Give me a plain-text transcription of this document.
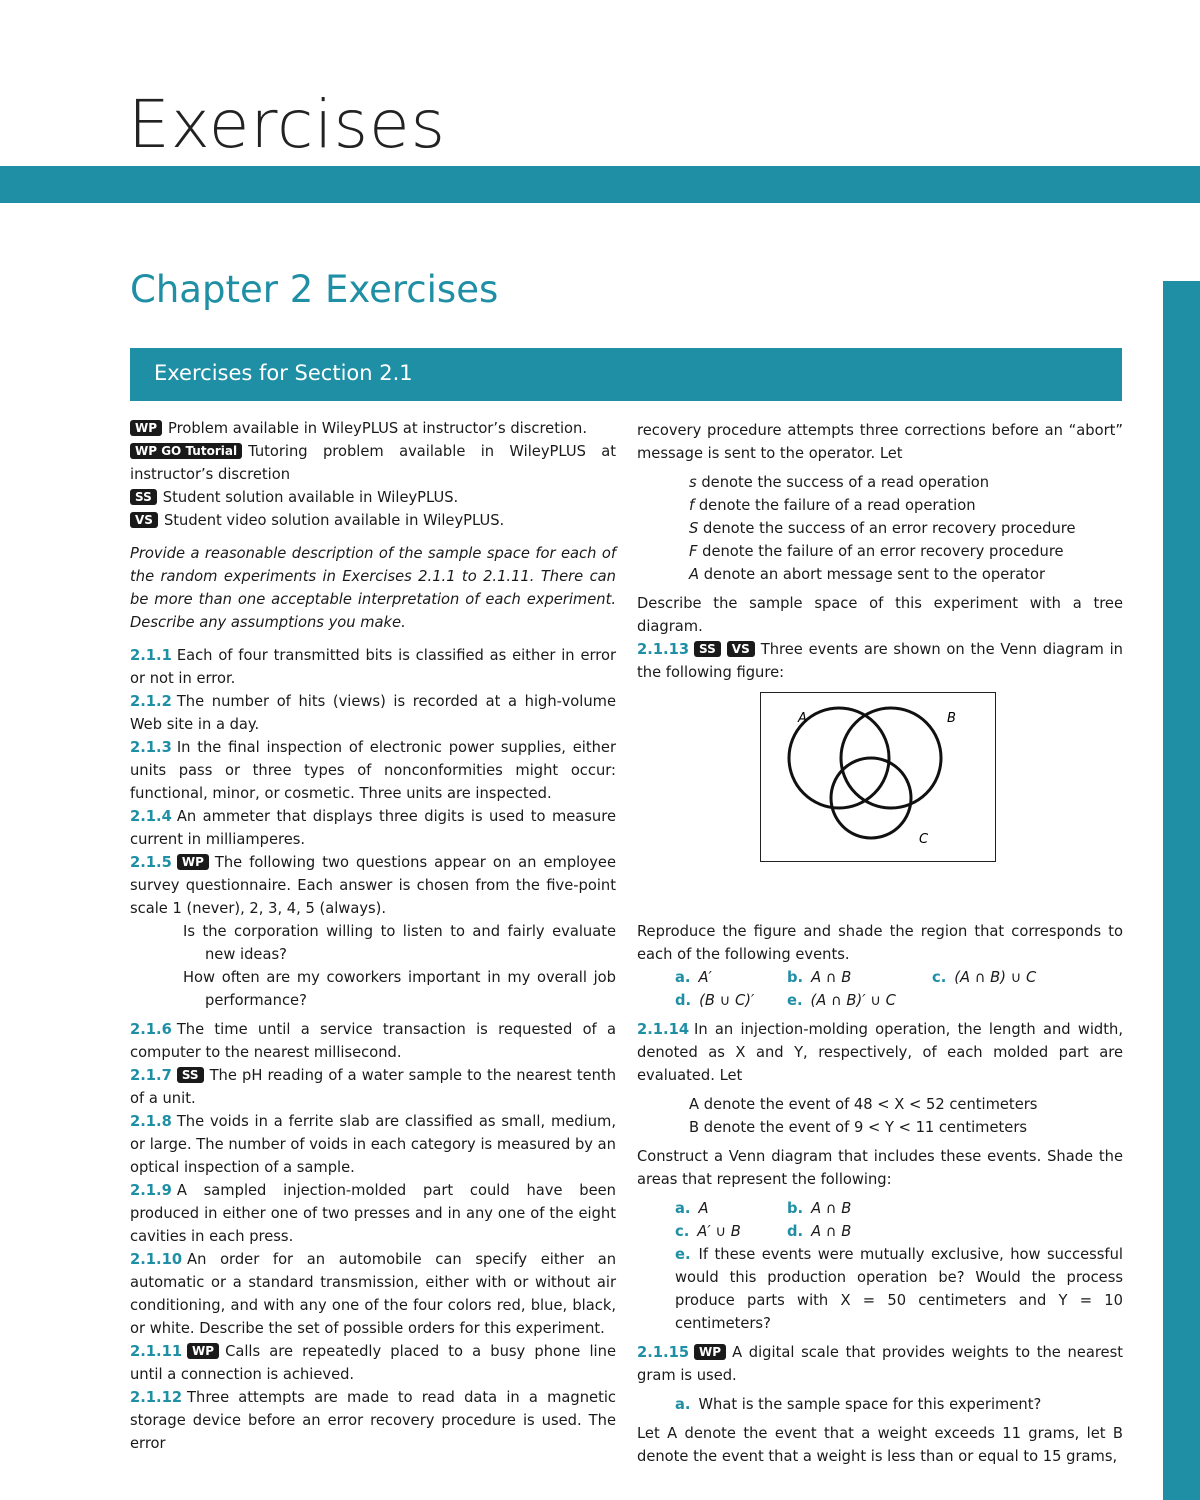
Exercises
Chapter 2 Exercises
Exercises for Section 2.1

WP Problem available in WileyPLUS at instructor’s discretion.

WP GO Tutorial Tutoring problem available in WileyPLUS at instructor’s discretion

SS Student solution available in WileyPLUS.

VS Student video solution available in WileyPLUS.

Provide a reasonable description of the sample space for each of the random experiments in Exercises 2.1.1 to 2.1.11. There can be more than one acceptable interpretation of each experiment. Describe any assumptions you make.

2.1.1 Each of four transmitted bits is classified as either in error or not in error.

2.1.2 The number of hits (views) is recorded at a high-volume Web site in a day.

2.1.3 In the final inspection of electronic power supplies, either units pass or three types of nonconformities might occur: functional, minor, or cosmetic. Three units are inspected.

2.1.4 An ammeter that displays three digits is used to measure current in milliamperes.

2.1.5 WP The following two questions appear on an employee survey questionnaire. Each answer is chosen from the five-point scale 1 (never), 2, 3, 4, 5 (always).

Is the corporation willing to listen to and fairly evaluate new ideas?

How often are my coworkers important in my overall job performance?

2.1.6 The time until a service transaction is requested of a computer to the nearest millisecond.

2.1.7 SS The pH reading of a water sample to the nearest tenth of a unit.

2.1.8 The voids in a ferrite slab are classified as small, medium, or large. The number of voids in each category is measured by an optical inspection of a sample.

2.1.9 A sampled injection-molded part could have been produced in either one of two presses and in any one of the eight cavities in each press.

2.1.10 An order for an automobile can specify either an automatic or a standard transmission, either with or without air conditioning, and with any one of the four colors red, blue, black, or white. Describe the set of possible orders for this experiment.

2.1.11 WP Calls are repeatedly placed to a busy phone line until a connection is achieved.

2.1.12 Three attempts are made to read data in a magnetic storage device before an error recovery procedure is used. The error

recovery procedure attempts three corrections before an “abort” message is sent to the operator. Let

s denote the success of a read operation

f denote the failure of a read operation

S denote the success of an error recovery procedure

F denote the failure of an error recovery procedure

A denote an abort message sent to the operator

Describe the sample space of this experiment with a tree diagram.

2.1.13 SS VS Three events are shown on the Venn diagram in the following figure:

Reproduce the figure and shade the region that corresponds to each of the following events.

a. A′	b. A ∩ B	c. (A ∩ B) ∪ C

d. (B ∪ C)′ e. (A ∩ B)′ ∪ C

2.1.14 In an injection-molding operation, the length and width, denoted as X and Y, respectively, of each molded part are evaluated. Let

A denote the event of 48 < X < 52 centimeters

B denote the event of 9 < Y < 11 centimeters

Construct a Venn diagram that includes these events. Shade the areas that represent the following:

a. A	b. A ∩ B

c. A′ ∪ B	d. A ∩ B

e. If these events were mutually exclusive, how successful would this production operation be? Would the process produce parts with X = 50 centimeters and Y = 10 centimeters?

2.1.15 WP A digital scale that provides weights to the nearest gram is used.

a. What is the sample space for this experiment?

Let A denote the event that a weight exceeds 11 grams, let B denote the event that a weight is less than or equal to 15 grams,

A	B
C
